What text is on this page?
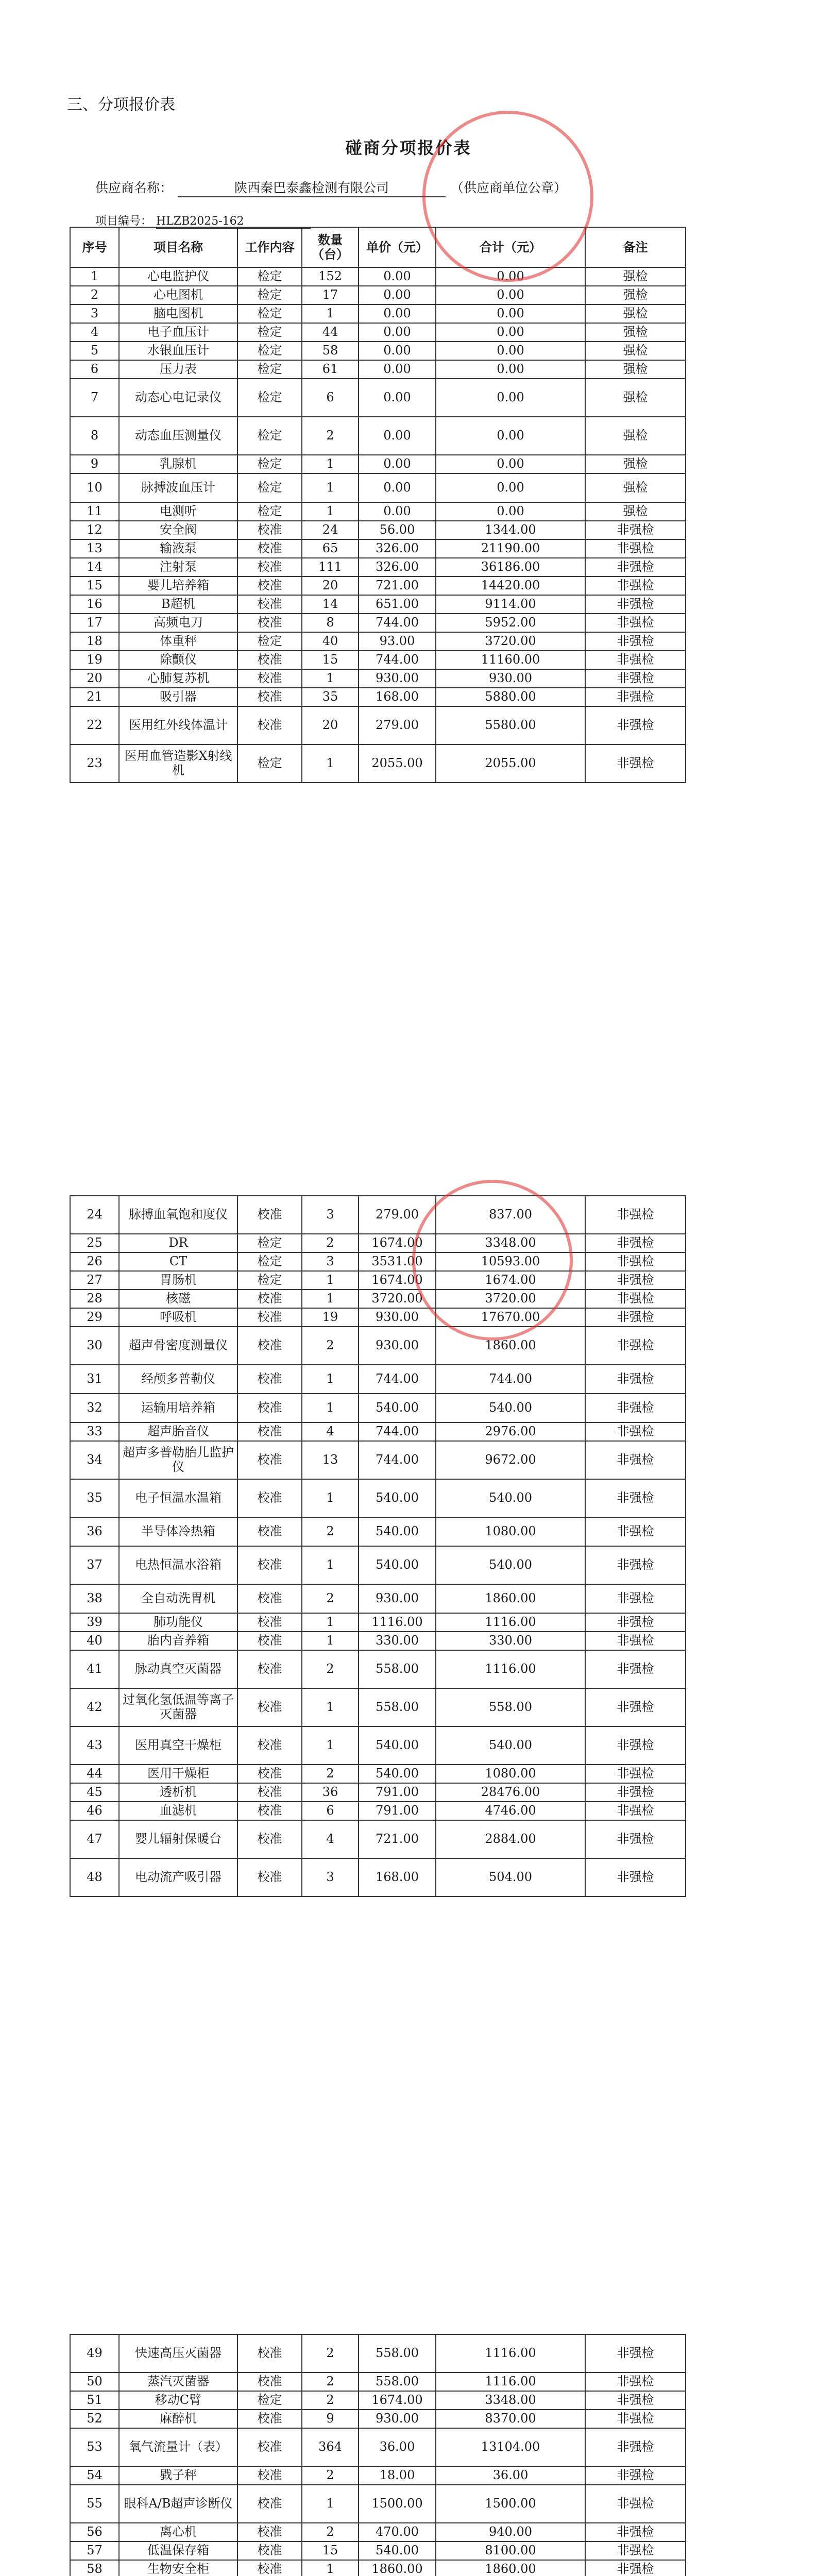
三、分项报价表
碰商分项报价表
供应商名称：	陕西秦巴泰鑫检测有限公司	（供应商单位公章）
项目编号： HLZB2025-162
序号	项目名称	工作内容	数量（台）	单价（元）	合计（元）	备注
1	心电监护仪	检定	152	0.00	0.00	强检
2	心电图机	检定	17	0.00	0.00	强检
3	脑电图机	检定	1	0.00	0.00	强检
4	电子血压计	检定	44	0.00	0.00	强检
5	水银血压计	检定	58	0.00	0.00	强检
6	压力表	检定	61	0.00	0.00	强检
7	动态心电记录仪	检定	6	0.00	0.00	强检
8	动态血压测量仪	检定	2	0.00	0.00	强检
9	乳腺机	检定	1	0.00	0.00	强检
10	脉搏波血压计	检定	1	0.00	0.00	强检
11	电测听	检定	1	0.00	0.00	强检
12	安全阀	校准	24	56.00	1344.00	非强检
13	输液泵	校准	65	326.00	21190.00	非强检
14	注射泵	校准	111	326.00	36186.00	非强检
15	婴儿培养箱	校准	20	721.00	14420.00	非强检
16	B超机	校准	14	651.00	9114.00	非强检
17	高频电刀	校准	8	744.00	5952.00	非强检
18	体重秤	检定	40	93.00	3720.00	非强检
19	除颤仪	校准	15	744.00	11160.00	非强检
20	心肺复苏机	校准	1	930.00	930.00	非强检
21	吸引器	校准	35	168.00	5880.00	非强检
22	医用红外线体温计	校准	20	279.00	5580.00	非强检
23	医用血管造影X射线机	检定	1	2055.00	2055.00	非强检
24	脉搏血氧饱和度仪	校准	3	279.00	837.00	非强检
25	DR	检定	2	1674.00	3348.00	非强检
26	CT	检定	3	3531.00	10593.00	非强检
27	胃肠机	检定	1	1674.00	1674.00	非强检
28	核磁	校准	1	3720.00	3720.00	非强检
29	呼吸机	校准	19	930.00	17670.00	非强检
30	超声骨密度测量仪	校准	2	930.00	1860.00	非强检
31	经颅多普勒仪	校准	1	744.00	744.00	非强检
32	运输用培养箱	校准	1	540.00	540.00	非强检
33	超声胎音仪	校准	4	744.00	2976.00	非强检
34	超声多普勒胎儿监护仪	校准	13	744.00	9672.00	非强检
35	电子恒温水温箱	校准	1	540.00	540.00	非强检
36	半导体冷热箱	校准	2	540.00	1080.00	非强检
37	电热恒温水浴箱	校准	1	540.00	540.00	非强检
38	全自动洗胃机	校准	2	930.00	1860.00	非强检
39	肺功能仪	校准	1	1116.00	1116.00	非强检
40	胎内音养箱	校准	1	330.00	330.00	非强检
41	脉动真空灭菌器	校准	2	558.00	1116.00	非强检
42	过氧化氢低温等离子灭菌器	校准	1	558.00	558.00	非强检
43	医用真空干燥柜	校准	1	540.00	540.00	非强检
44	医用干燥柜	校准	2	540.00	1080.00	非强检
45	透析机	校准	36	791.00	28476.00	非强检
46	血滤机	校准	6	791.00	4746.00	非强检
47	婴儿辐射保暖台	校准	4	721.00	2884.00	非强检
48	电动流产吸引器	校准	3	168.00	504.00	非强检
49	快速高压灭菌器	校准	2	558.00	1116.00	非强检
50	蒸汽灭菌器	校准	2	558.00	1116.00	非强检
51	移动C臂	检定	2	1674.00	3348.00	非强检
52	麻醉机	校准	9	930.00	8370.00	非强检
53	氧气流量计（表）	校准	364	36.00	13104.00	非强检
54	戥子秤	校准	2	18.00	36.00	非强检
55	眼科A/B超声诊断仪	校准	1	1500.00	1500.00	非强检
56	离心机	校准	2	470.00	940.00	非强检
57	低温保存箱	校准	15	540.00	8100.00	非强检
58	生物安全柜	校准	1	1860.00	1860.00	非强检
